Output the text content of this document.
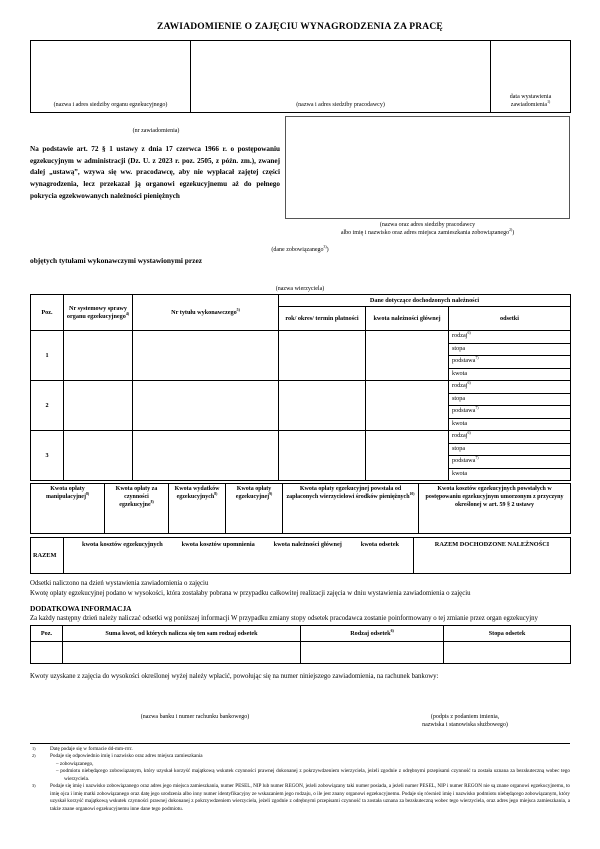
ZAWIADOMIENIE O ZAJĘCIU WYNAGRODZENIA ZA PRACĘ
(nazwa i adres siedziby organu egzekucyjnego)	(nazwa i adres siedziby pracodawcy)	data wystawienia
zawiadomienia$^{1)}$
(nr zawiadomienia)
Na podstawie art. 72 § 1 ustawy z dnia 17 czerwca 1966 r. o postępowaniu egzekucyjnym w administracji (Dz. U. z 2023 r. poz. 2505, z późn. zm.), zwanej dalej „ustawą”, wzywa się ww. pracodawcę, aby nie wypłacał zajętej części wynagrodzenia, lecz przekazał ją organowi egzekucyjnemu aż do pełnego pokrycia egzekwowanych należności pieniężnych
(nazwa oraz adres siedziby pracodawcy
albo imię i nazwisko oraz adres miejsca zamieszkania zobowiązanego$^{2)}$)
(dane zobowiązanego$^{3)}$)
objętych tytułami wykonawczymi wystawionymi przez
(nazwa wierzyciela)
Poz.	Nr systemowy sprawy organu egzekucyjnego$^{4)}$	Nr tytułu wykonawczego$^{5)}$	Dane dotyczące dochodzonych należności		
			rok/ okres/ termin płatności	kwota należności głównej	odsetki
1					rodzaj$^{6)}$
					stopa
					podstawa$^{7)}$
					kwota
2					rodzaj$^{6)}$
					stopa
					podstawa$^{7)}$
					kwota
3					rodzaj$^{6)}$
					stopa
					podstawa$^{7)}$
					kwota
Kwota opłaty manipulacyjnej$^{8)}$	Kwota opłaty za czynności egzekucyjne$^{8)}$	Kwota wydatków egzekucyjnych$^{8)}$	Kwota opłaty egzekucyjnej$^{9)}$	Kwota opłaty egzekucyjnej powstała od zapłaconych wierzycielowi środków pieniężnych$^{10)}$	Kwota kosztów egzekucyjnych powstałych w postępowaniu egzekucyjnym umorzonym z przyczyny określonej w art. 59 § 2 ustawy
RAZEM	
kwota kosztów egzekucyjnych	kwota kosztów upomnienia	kwota należności głównej	kwota odsetek	RAZEM DOCHODZONE NALEŻNOŚCI

Odsetki naliczono na dzień wystawienia zawiadomienia o zajęciu

Kwotę opłaty egzekucyjnej podano w wysokości, która zostałaby pobrana w przypadku całkowitej realizacji zajęcia w dniu wystawienia zawiadomienia o zajęciu

DODATKOWA INFORMACJA
Za każdy następny dzień należy naliczać odsetki wg poniższej informacji W przypadku zmiany stopy odsetek pracodawca zostanie poinformowany o tej zmianie przez organ egzekucyjny
Poz.	Suma kwot, od których nalicza się ten sam rodzaj odsetek	Rodzaj odsetek$^{6)}$	Stopa odsetek

Kwoty uzyskane z zajęcia do wysokości określonej wyżej należy wpłacić, powołując się na numer niniejszego zawiadomienia, na rachunek bankowy:
(nazwa banku i numer rachunku bankowego)	(podpis z podaniem imienia,
nazwiska i stanowiska służbowego)
1)	Datę podaje się w formacie dd-mm-rrrr.
2)	Podaje się odpowiednio imię i nazwisko oraz adres miejsca zamieszkania
– zobowiązanego,
– podmiotu niebędącego zobowiązanym, który uzyskał korzyść majątkową wskutek czynności prawnej dokonanej z pokrzywdzeniem wierzyciela, jeżeli zgodnie z odrębnymi przepisami czynność ta została uznana za bezskuteczną wobec tego wierzyciela.
3)	Podaje się imię i nazwisko zobowiązanego oraz adres jego miejsca zamieszkania, numer PESEL, NIP lub numer REGON, jeżeli zobowiązany taki numer posiada, a jeżeli numer PESEL, NIP i numer REGON nie są znane organowi egzekucyjnemu, to imię ojca i imię matki zobowiązanego oraz datę jego urodzenia albo inny numer identyfikacyjny ze wskazaniem jego rodzaju, o ile jest znany organowi egzekucyjnemu. Podaje się również imię i nazwisko podmiotu niebędącego zobowiązanym, który uzyskał korzyść majątkową wskutek czynności prawnej dokonanej z pokrzywdzeniem wierzyciela, jeżeli zgodnie z odrębnymi przepisami czynność ta została uznana za bezskuteczną wobec tego wierzyciela, oraz adres jego miejsca zamieszkania, a także znane organowi egzekucyjnemu inne dane tego podmiotu.
